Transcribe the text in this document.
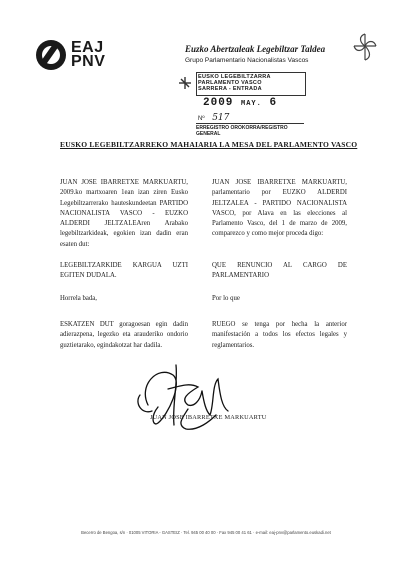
EAJ
PNV
Euzko Abertzaleak Legebiltzar Taldea
Grupo Parlamentario Nacionalistas Vascos
EUSKO LEGEBILTZARRA
PARLAMENTO VASCO
SARRERA - ENTRADA
2009 MAY. 6
Nº 517
ERREGISTRO OROKORRA/REGISTRO GENERAL
EUSKO LEGEBILTZARREKO MAHAIARI A LA MESA DEL PARLAMENTO VASCO

JUAN JOSE IBARRETXE MARKUARTU, 2009.ko martxoaren 1ean izan ziren Eusko Legebiltzarrerako hauteskundeetan PARTIDO NACIONALISTA VASCO - EUZKO ALDERDI JELTZALEAren Arabako legebiltzarkideak, egokien izan dadin eran esaten dut:

LEGEBILTZARKIDE KARGUA UZTI EGITEN DUDALA.

Horrela bada,

ESKATZEN DUT goragoesan egin dadin adierazpena, legezko eta arauderiko ondorio guztietarako, egindakotzat har dadila.

JUAN JOSE IBARRETXE MARKUARTU, parlamentario por EUZKO ALDERDI JELTZALEA - PARTIDO NACIONALISTA VASCO, por Alava en las elecciones al Parlamento Vasco, del 1 de marzo de 2009, comparezco y como mejor proceda digo:

QUE RENUNCIO AL CARGO DE PARLAMENTARIO

Por lo que

RUEGO se tenga por hecha la anterior manifestación a todos los efectos legales y reglamentarios.

JUAN JOSE IBARRETXE MARKUARTU
Becerro de Bengoa, s/n · 01005 VITORIA - GASTEIZ · Tel. 945 00 40 00 · Fax 945 00 41 61 · e-mail: eaj-pnv@parlamento.euskadi.net
